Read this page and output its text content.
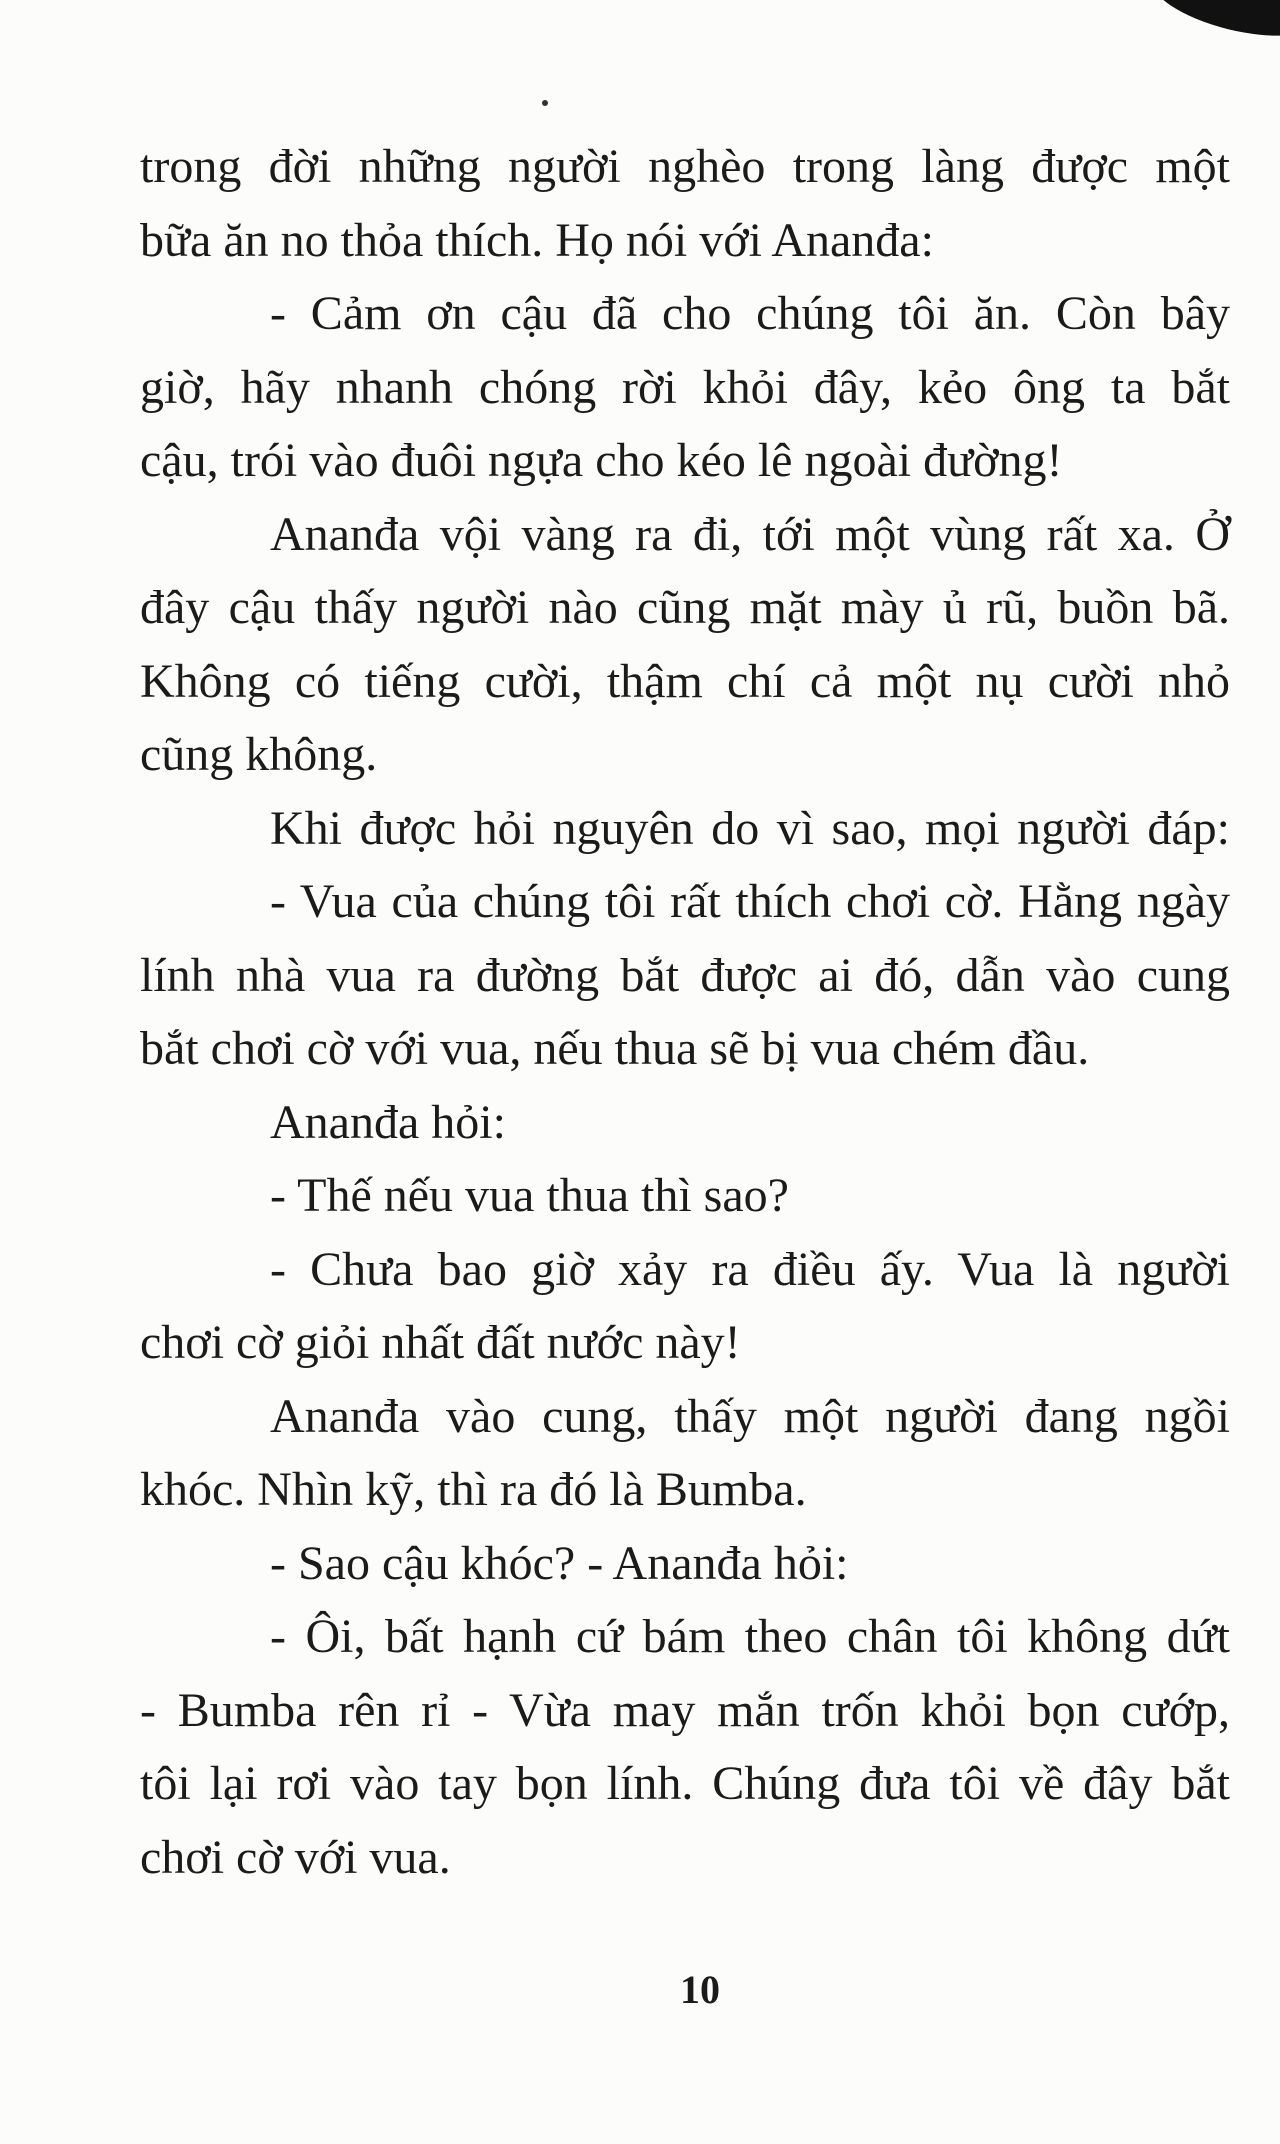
trong đời những người nghèo trong làng được một
bữa ăn no thỏa thích. Họ nói với Ananđa:
- Cảm ơn cậu đã cho chúng tôi ăn. Còn bây
giờ, hãy nhanh chóng rời khỏi đây, kẻo ông ta bắt
cậu, trói vào đuôi ngựa cho kéo lê ngoài đường!
Ananđa vội vàng ra đi, tới một vùng rất xa. Ở
đây cậu thấy người nào cũng mặt mày ủ rũ, buồn bã.
Không có tiếng cười, thậm chí cả một nụ cười nhỏ
cũng không.
Khi được hỏi nguyên do vì sao, mọi người đáp:
- Vua của chúng tôi rất thích chơi cờ. Hằng ngày
lính nhà vua ra đường bắt được ai đó, dẫn vào cung
bắt chơi cờ với vua, nếu thua sẽ bị vua chém đầu.
Ananđa hỏi:
- Thế nếu vua thua thì sao?
- Chưa bao giờ xảy ra điều ấy. Vua là người
chơi cờ giỏi nhất đất nước này!
Ananđa vào cung, thấy một người đang ngồi
khóc. Nhìn kỹ, thì ra đó là Bumba.
- Sao cậu khóc? - Ananđa hỏi:
- Ôi, bất hạnh cứ bám theo chân tôi không dứt
- Bumba rên rỉ - Vừa may mắn trốn khỏi bọn cướp,
tôi lại rơi vào tay bọn lính. Chúng đưa tôi về đây bắt
chơi cờ với vua.
10
